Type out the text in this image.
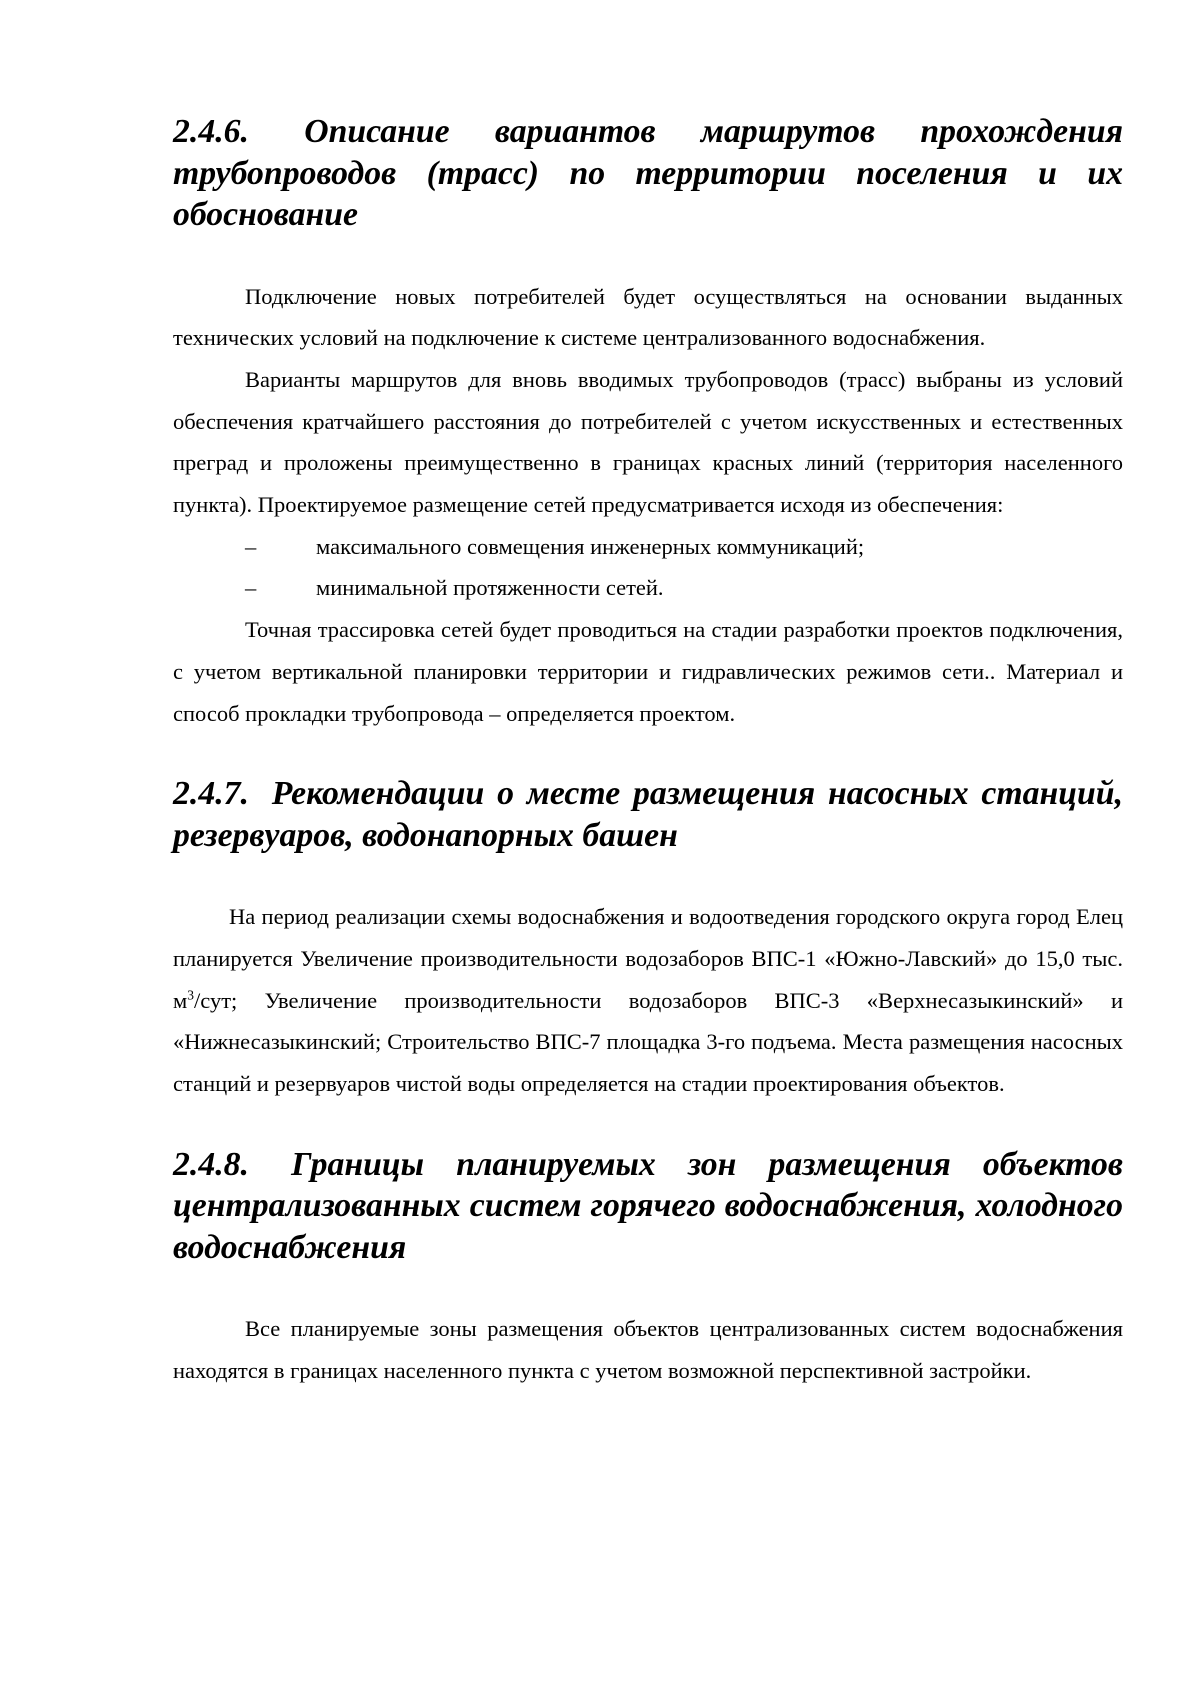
2.4.6. Описание вариантов маршрутов прохождения трубопроводов (трасс) по территории поселения и их обоснование

Подключение новых потребителей будет осуществляться на основании выданных технических условий на подключение к системе централизованного водоснабжения.

Варианты маршрутов для вновь вводимых трубопроводов (трасс) выбраны из условий обеспечения кратчайшего расстояния до потребителей с учетом искусственных и естественных преград и проложены преимущественно в границах красных линий (территория населенного пункта). Проектируемое размещение сетей предусматривается исходя из обеспечения:

–	максимального совмещения инженерных коммуникаций;
–	минимальной протяженности сетей.

Точная трассировка сетей будет проводиться на стадии разработки проектов подключения, с учетом вертикальной планировки территории и гидравлических режимов сети.. Материал и способ прокладки трубопровода – определяется проектом.

2.4.7. Рекомендации о месте размещения насосных станций, резервуаров, водонапорных башен

На период реализации схемы водоснабжения и водоотведения городского округа город Елец планируется Увеличение производительности водозаборов ВПС-1 «Южно-Лавский» до 15,0 тыс. $м^3$/сут; Увеличение производительности водозаборов ВПС-3 «Верхнесазыкинский» и «Нижнесазыкинский; Строительство ВПС-7 площадка 3-го подъема. Места размещения насосных станций и резервуаров чистой воды определяется на стадии проектирования объектов.

2.4.8. Границы планируемых зон размещения объектов централизованных систем горячего водоснабжения, холодного водоснабжения

Все планируемые зоны размещения объектов централизованных систем водоснабжения находятся в границах населенного пункта с учетом возможной перспективной застройки.
